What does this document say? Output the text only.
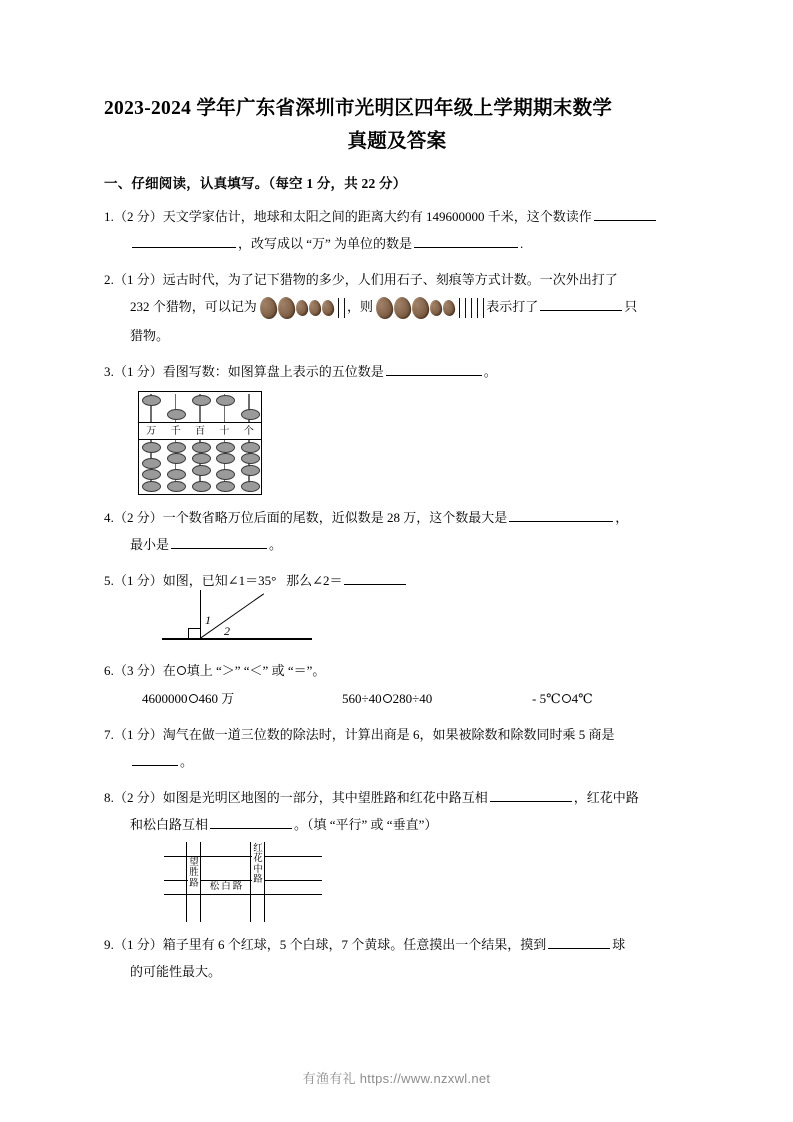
2023-2024 学年广东省深圳市光明区四年级上学期期末数学
真题及答案
一、仔细阅读，认真填写。（每空 1 分，共 22 分）
1.（2 分）天文学家估计，地球和太阳之间的距离大约有 149600000 千米，这个数读作
，改写成以 “万” 为单位的数是	.
2.（1 分）远古时代，为了记下猎物的多少，人们用石子、刻痕等方式计数。一次外出打了
232 个猎物，可以记为	，则	表示打了	只
猎物。
3.（1 分）看图写数：如图算盘上表示的五位数是	。
万	千	百	十	个
4.（2 分）一个数省略万位后面的尾数，近似数是 28 万，这个数最大是	，
最小是	。
5.（1 分）如图，已知∠1＝35° 那么∠2＝
1
2
6.（3 分）在 填上 “＞” “＜” 或 “＝”。
4600000 460 万	560÷40 280÷40	- 5℃ 4℃
7.（1 分）淘气在做一道三位数的除法时，计算出商是 6，如果被除数和除数同时乘 5 商是
。
8.（2 分）如图是光明区地图的一部分，其中望胜路和红花中路互相	，红花中路
和松白路互相	。（填 “平行” 或 “垂直”）
望胜路	松白路
红花中路
9.（1 分）箱子里有 6 个红球，5 个白球，7 个黄球。任意摸出一个结果，摸到	球
的可能性最大。
有渔有礼 https://www.nzxwl.net
